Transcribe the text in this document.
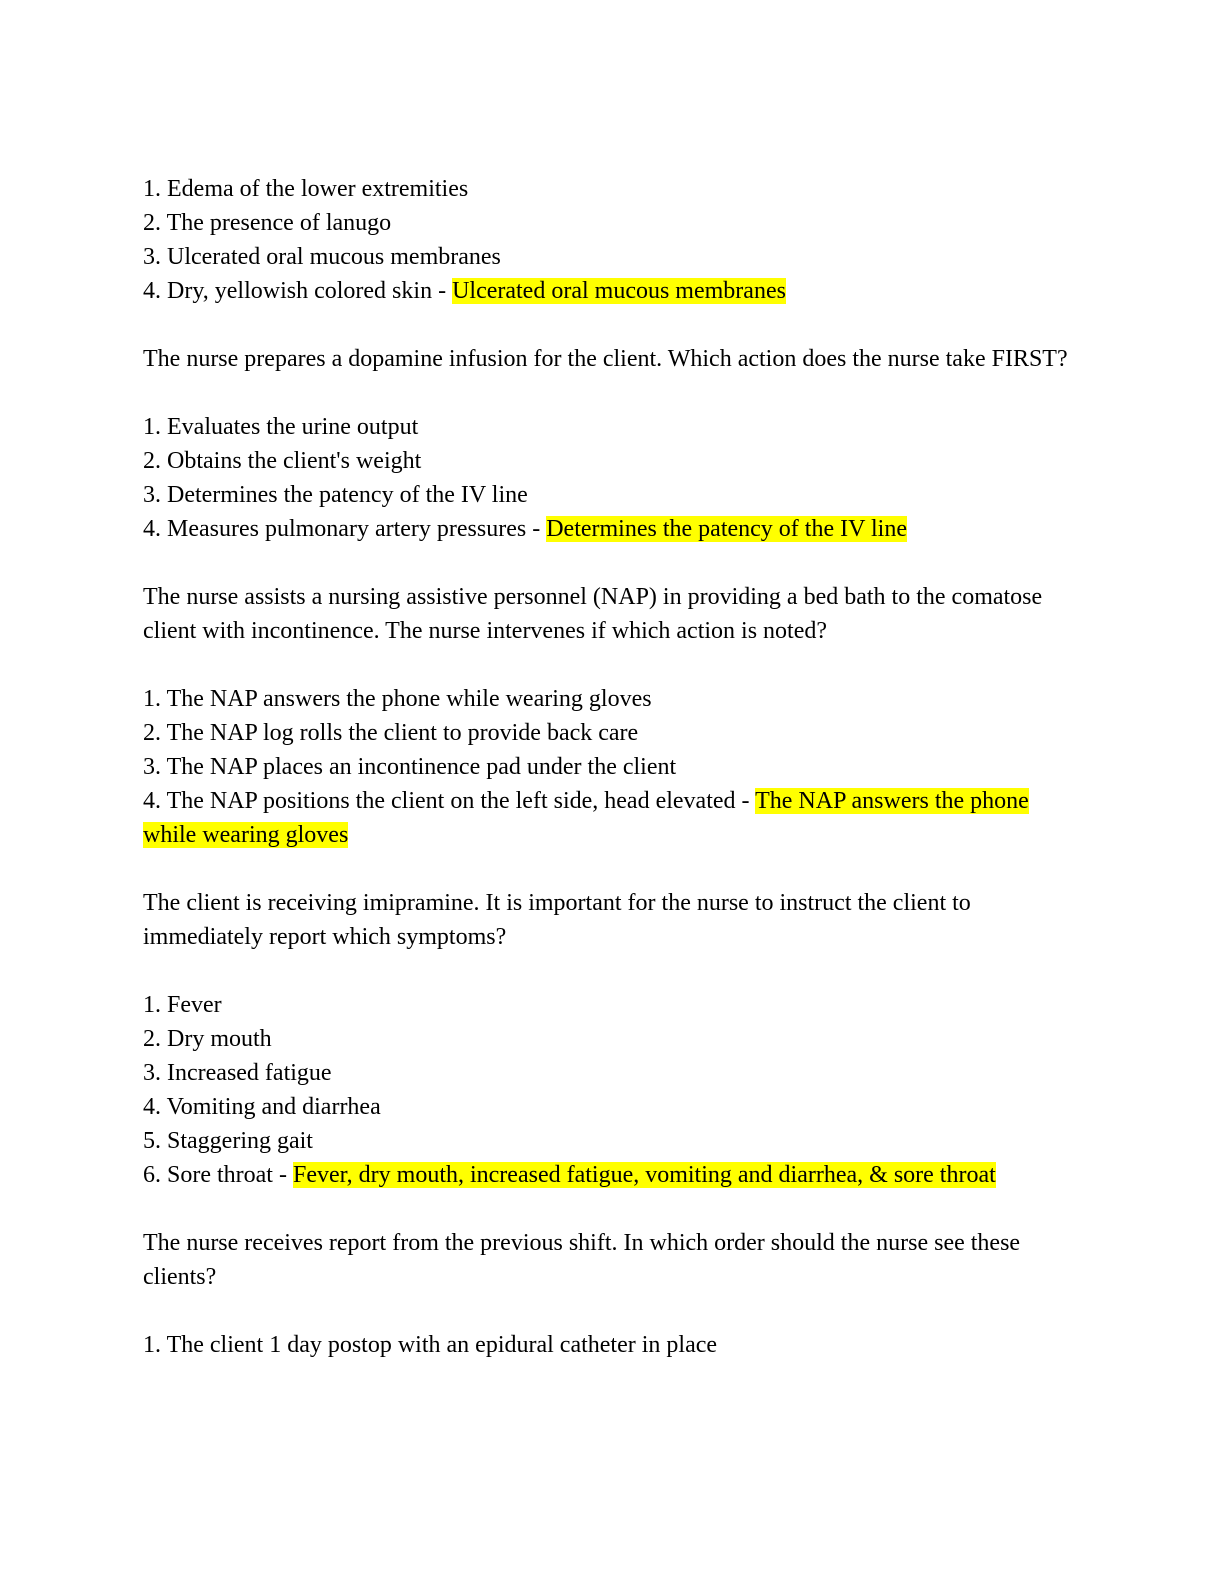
1. Edema of the lower extremities
2. The presence of lanugo
3. Ulcerated oral mucous membranes
4. Dry, yellowish colored skin - Ulcerated oral mucous membranes
The nurse prepares a dopamine infusion for the client. Which action does the nurse take FIRST?
1. Evaluates the urine output
2. Obtains the client's weight
3. Determines the patency of the IV line
4. Measures pulmonary artery pressures - Determines the patency of the IV line
The nurse assists a nursing assistive personnel (NAP) in providing a bed bath to the comatose client with incontinence. The nurse intervenes if which action is noted?
1. The NAP answers the phone while wearing gloves
2. The NAP log rolls the client to provide back care
3. The NAP places an incontinence pad under the client
4. The NAP positions the client on the left side, head elevated - The NAP answers the phone while wearing gloves
The client is receiving imipramine. It is important for the nurse to instruct the client to immediately report which symptoms?
1. Fever
2. Dry mouth
3. Increased fatigue
4. Vomiting and diarrhea
5. Staggering gait
6. Sore throat - Fever, dry mouth, increased fatigue, vomiting and diarrhea, & sore throat
The nurse receives report from the previous shift. In which order should the nurse see these clients?
1. The client 1 day postop with an epidural catheter in place
